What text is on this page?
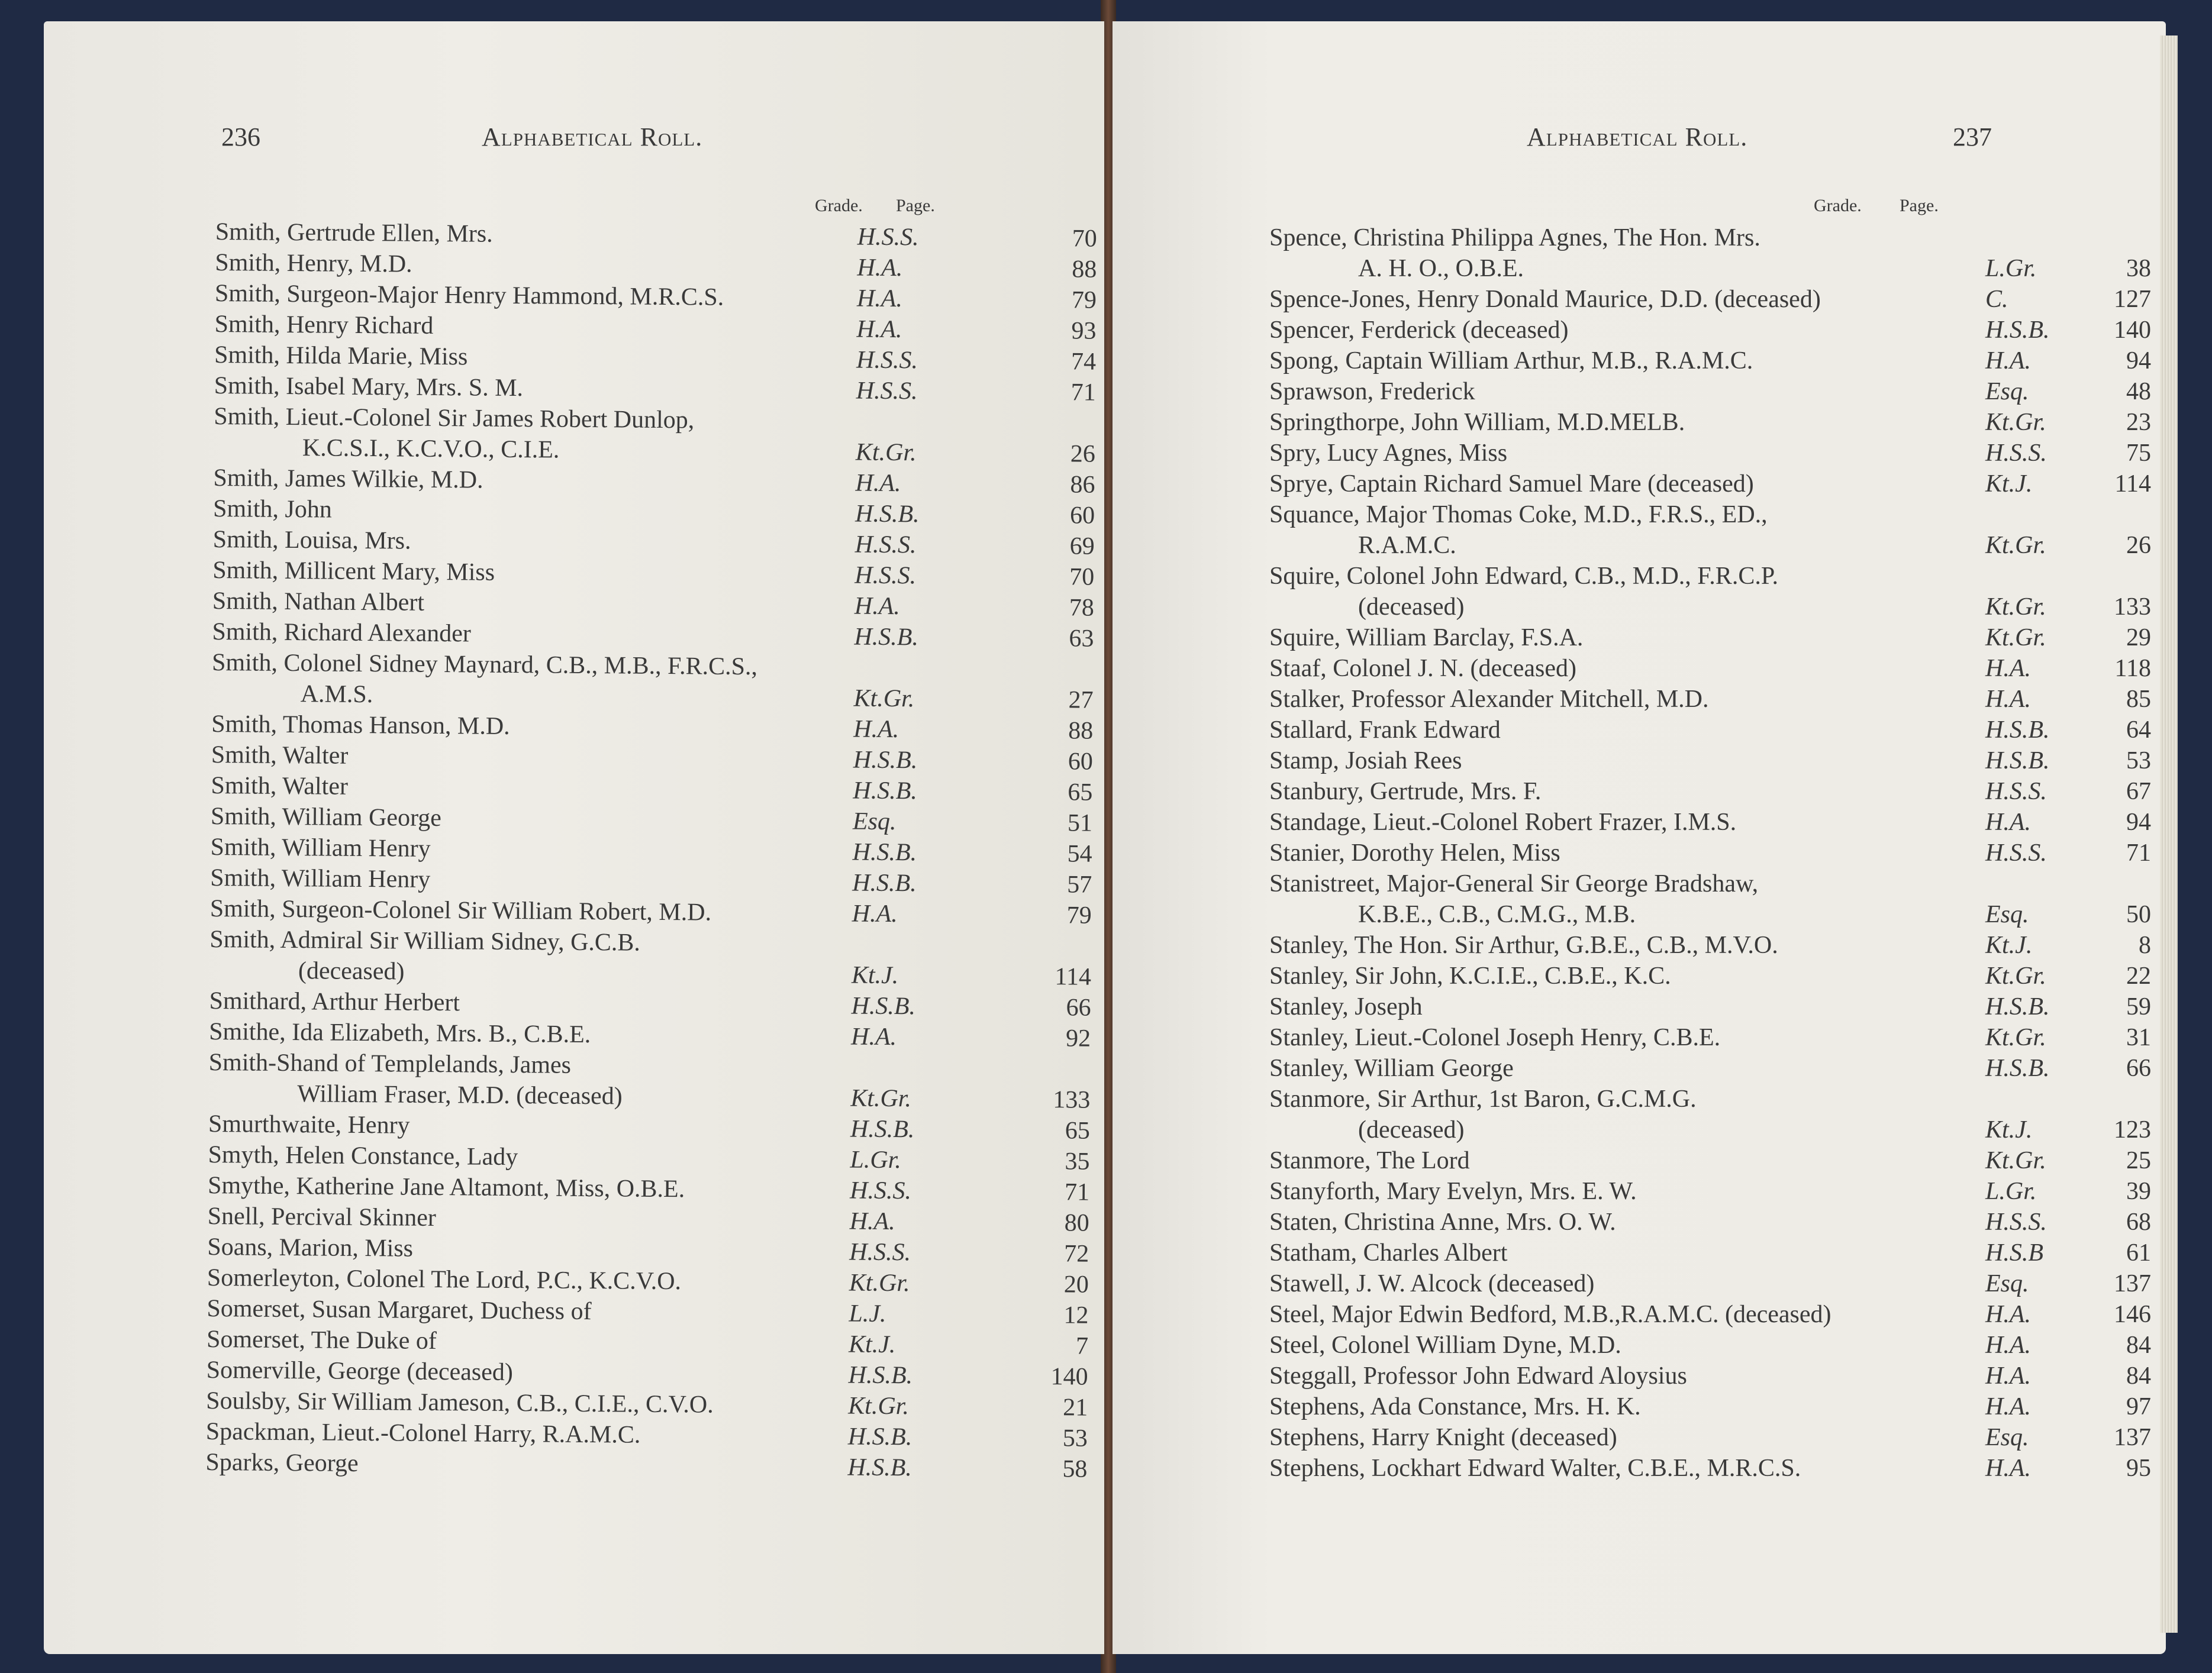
236	Alphabetical Roll.
Grade. Page.
Smith, Gertrude Ellen, Mrs.	H.S.S.	70
Smith, Henry, M.D.	H.A.	88
Smith, Surgeon-Major Henry Hammond, M.R.C.S.	H.A.	79
Smith, Henry Richard	H.A.	93
Smith, Hilda Marie, Miss	H.S.S.	74
Smith, Isabel Mary, Mrs. S. M.	H.S.S.	71
Smith, Lieut.-Colonel Sir James Robert Dunlop,
K.C.S.I., K.C.V.O., C.I.E.	Kt.Gr.	26
Smith, James Wilkie, M.D.	H.A.	86
Smith, John	H.S.B.	60
Smith, Louisa, Mrs.	H.S.S.	69
Smith, Millicent Mary, Miss	H.S.S.	70
Smith, Nathan Albert	H.A.	78
Smith, Richard Alexander	H.S.B.	63
Smith, Colonel Sidney Maynard, C.B., M.B., F.R.C.S.,
A.M.S.	Kt.Gr.	27
Smith, Thomas Hanson, M.D.	H.A.	88
Smith, Walter	H.S.B.	60
Smith, Walter	H.S.B.	65
Smith, William George	Esq.	51
Smith, William Henry	H.S.B.	54
Smith, William Henry	H.S.B.	57
Smith, Surgeon-Colonel Sir William Robert, M.D.	H.A.	79
Smith, Admiral Sir William Sidney, G.C.B.
(deceased)	Kt.J.	114
Smithard, Arthur Herbert	H.S.B.	66
Smithe, Ida Elizabeth, Mrs. B., C.B.E.	H.A.	92
Smith-Shand of Templelands, James
William Fraser, M.D. (deceased)	Kt.Gr.	133
Smurthwaite, Henry	H.S.B.	65
Smyth, Helen Constance, Lady	L.Gr.	35
Smythe, Katherine Jane Altamont, Miss, O.B.E.	H.S.S.	71
Snell, Percival Skinner	H.A.	80
Soans, Marion, Miss	H.S.S.	72
Somerleyton, Colonel The Lord, P.C., K.C.V.O.	Kt.Gr.	20
Somerset, Susan Margaret, Duchess of	L.J.	12
Somerset, The Duke of	Kt.J.	7
Somerville, George (deceased)	H.S.B.	140
Soulsby, Sir William Jameson, C.B., C.I.E., C.V.O.	Kt.Gr.	21
Spackman, Lieut.-Colonel Harry, R.A.M.C.	H.S.B.	53
Sparks, George	H.S.B.	58
Alphabetical Roll.	237
Grade. Page.
Spence, Christina Philippa Agnes, The Hon. Mrs.
A. H. O., O.B.E.	L.Gr.	38
Spence-Jones, Henry Donald Maurice, D.D. (deceased)	C.	127
Spencer, Ferderick (deceased)	H.S.B.	140
Spong, Captain William Arthur, M.B., R.A.M.C.	H.A.	94
Sprawson, Frederick	Esq.	48
Springthorpe, John William, M.D.MELB.	Kt.Gr.	23
Spry, Lucy Agnes, Miss	H.S.S.	75
Sprye, Captain Richard Samuel Mare (deceased)	Kt.J.	114
Squance, Major Thomas Coke, M.D., F.R.S., ED.,
R.A.M.C.	Kt.Gr.	26
Squire, Colonel John Edward, C.B., M.D., F.R.C.P.
(deceased)	Kt.Gr.	133
Squire, William Barclay, F.S.A.	Kt.Gr.	29
Staaf, Colonel J. N. (deceased)	H.A.	118
Stalker, Professor Alexander Mitchell, M.D.	H.A.	85
Stallard, Frank Edward	H.S.B.	64
Stamp, Josiah Rees	H.S.B.	53
Stanbury, Gertrude, Mrs. F.	H.S.S.	67
Standage, Lieut.-Colonel Robert Frazer, I.M.S.	H.A.	94
Stanier, Dorothy Helen, Miss	H.S.S.	71
Stanistreet, Major-General Sir George Bradshaw,
K.B.E., C.B., C.M.G., M.B.	Esq.	50
Stanley, The Hon. Sir Arthur, G.B.E., C.B., M.V.O.	Kt.J.	8
Stanley, Sir John, K.C.I.E., C.B.E., K.C.	Kt.Gr.	22
Stanley, Joseph	H.S.B.	59
Stanley, Lieut.-Colonel Joseph Henry, C.B.E.	Kt.Gr.	31
Stanley, William George	H.S.B.	66
Stanmore, Sir Arthur, 1st Baron, G.C.M.G.
(deceased)	Kt.J.	123
Stanmore, The Lord	Kt.Gr.	25
Stanyforth, Mary Evelyn, Mrs. E. W.	L.Gr.	39
Staten, Christina Anne, Mrs. O. W.	H.S.S.	68
Statham, Charles Albert	H.S.B	61
Stawell, J. W. Alcock (deceased)	Esq.	137
Steel, Major Edwin Bedford, M.B.,R.A.M.C. (deceased)	H.A.	146
Steel, Colonel William Dyne, M.D.	H.A.	84
Steggall, Professor John Edward Aloysius	H.A.	84
Stephens, Ada Constance, Mrs. H. K.	H.A.	97
Stephens, Harry Knight (deceased)	Esq.	137
Stephens, Lockhart Edward Walter, C.B.E., M.R.C.S.	H.A.	95
